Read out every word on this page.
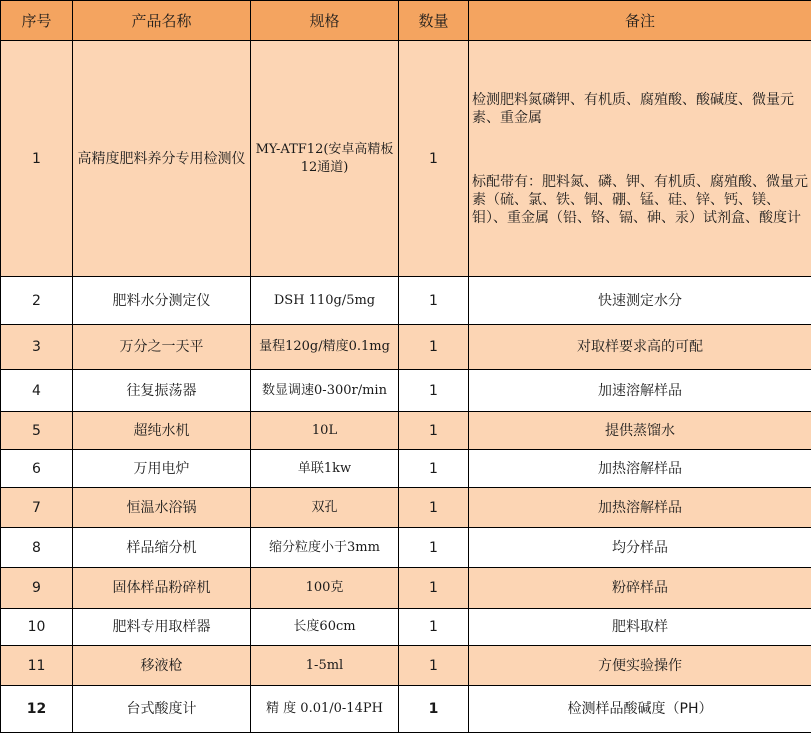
序号	产品名称	规格	数量	备注
1	高精度肥料养分专用检测仪	MY-ATF12(安卓高精板12通道)	1	检测肥料氮磷钾、有机质、腐殖酸、酸碱度、微量元素、重金属
标配带有：肥料氮、磷、钾、有机质、腐殖酸、微量元素（硫、氯、铁、铜、硼、锰、硅、锌、钙、镁、钼）、重金属（铅、铬、镉、砷、汞）试剂盒、酸度计

2	肥料水分测定仪	DSH 110g/5mg	1	快速测定水分
3	万分之一天平	量程120g/精度0.1mg	1	对取样要求高的可配
4	往复振荡器	数显调速0-300r/min	1	加速溶解样品
5	超纯水机	10L	1	提供蒸馏水
6	万用电炉	单联1kw	1	加热溶解样品
7	恒温水浴锅	双孔	1	加热溶解样品
8	样品缩分机	缩分粒度小于3mm	1	均分样品
9	固体样品粉碎机	100克	1	粉碎样品
10	肥料专用取样器	长度60cm	1	肥料取样
11	移液枪	1-5ml	1	方便实验操作
12	台式酸度计	精 度 0.01/0-14PH	1	检测样品酸碱度（PH）
